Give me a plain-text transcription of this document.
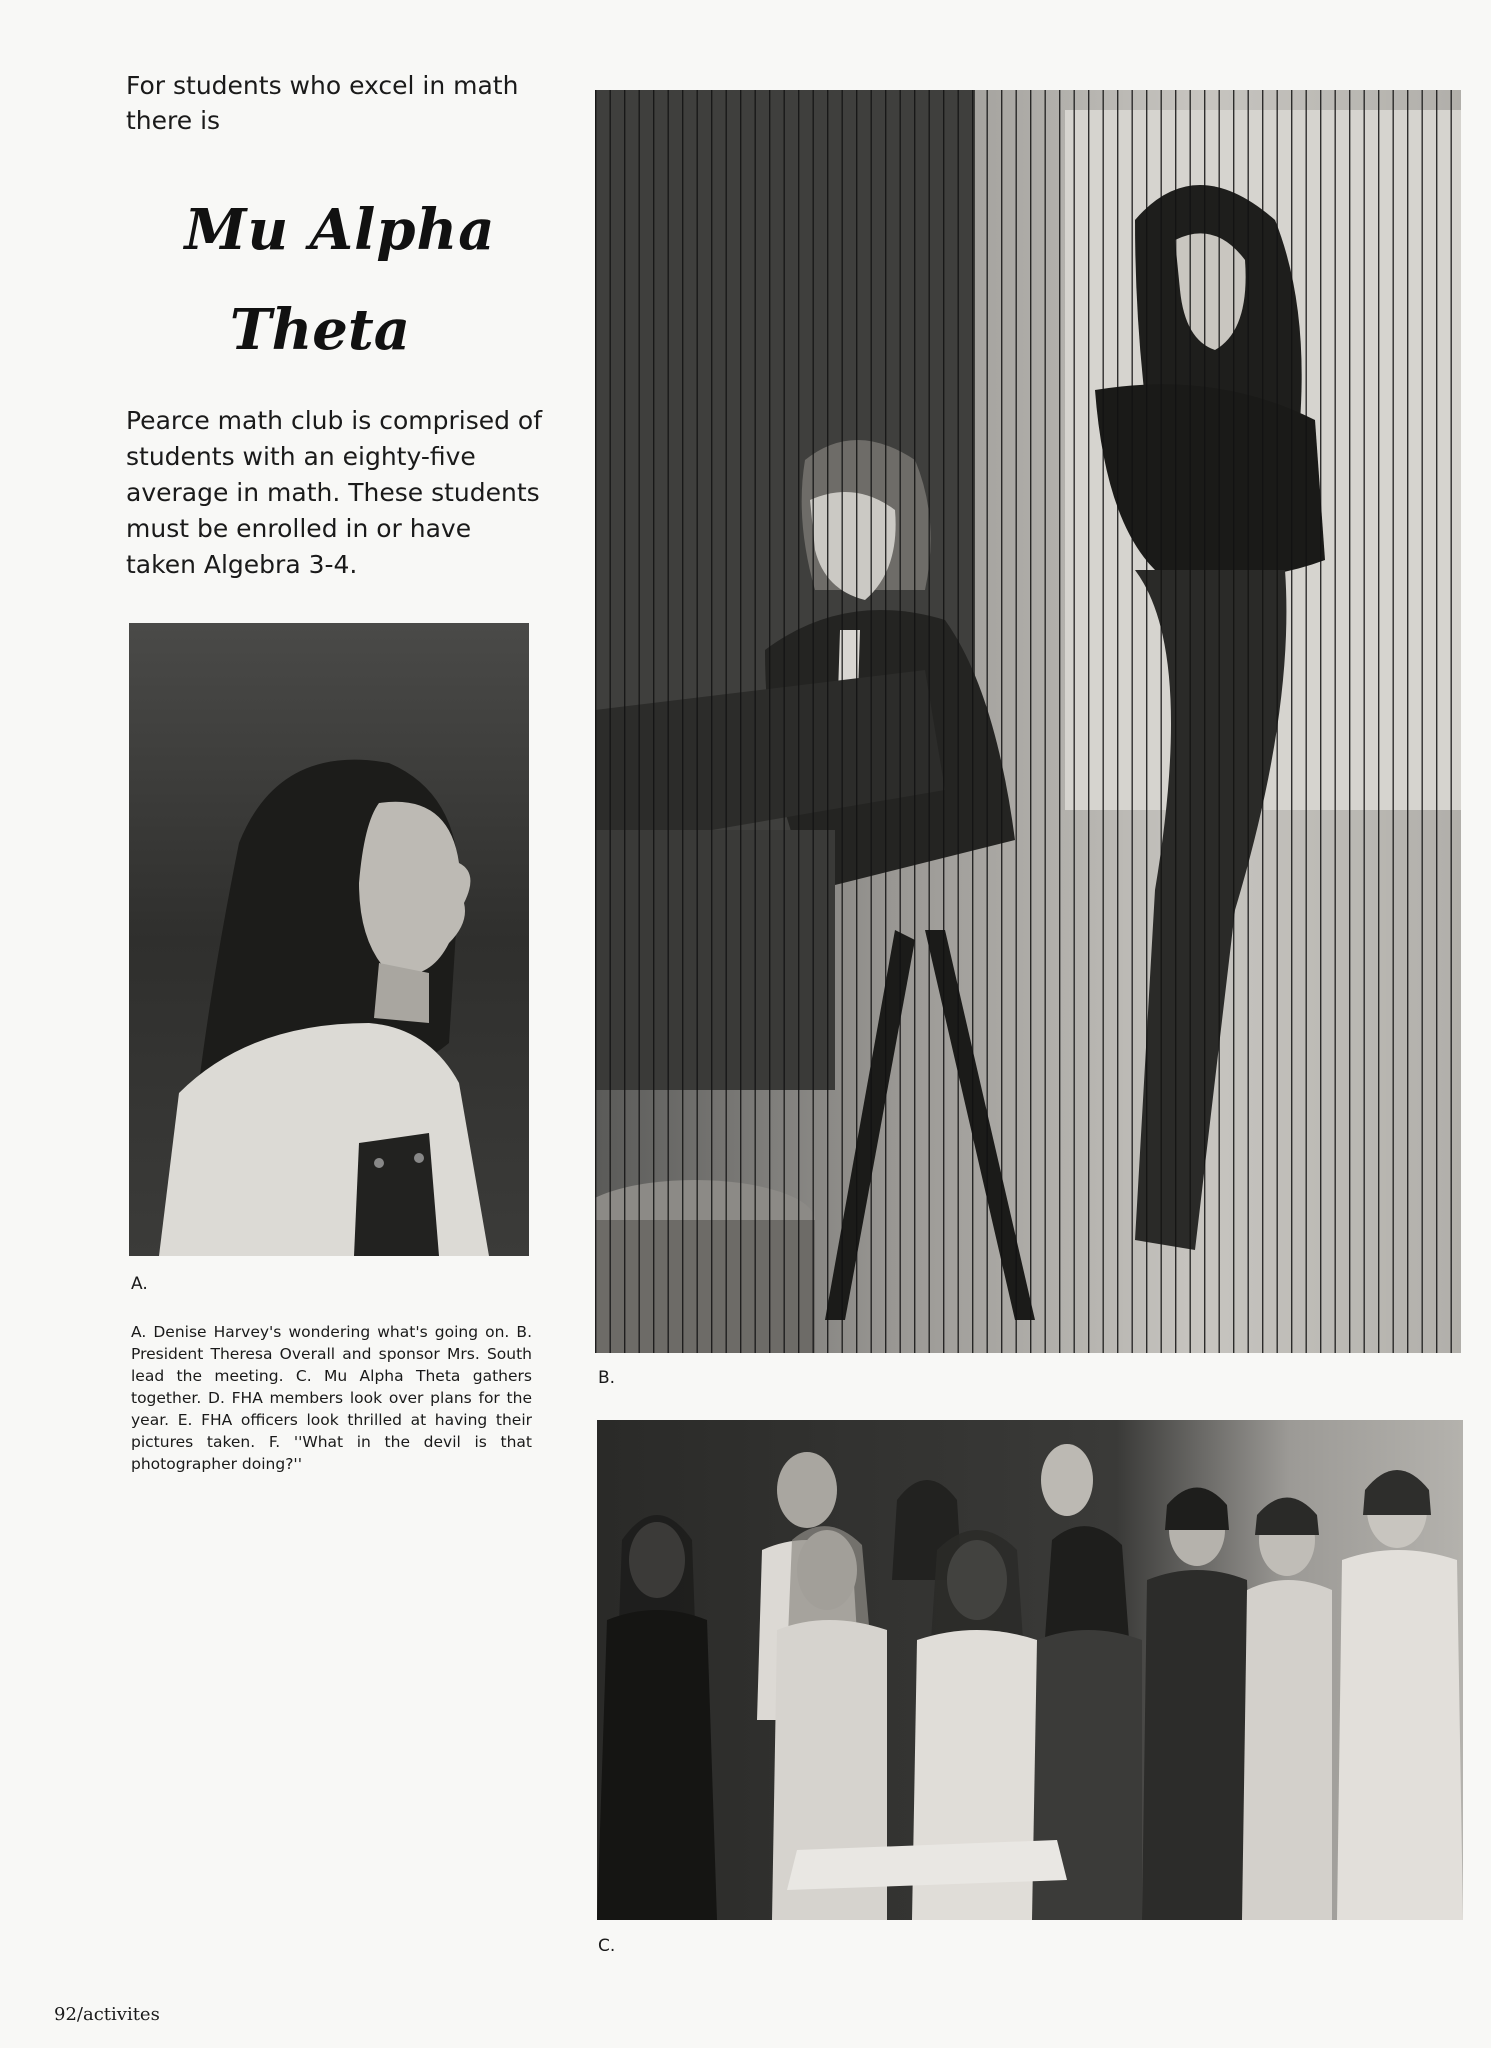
For students who excel in math there is

Mu Alpha
Theta

Pearce math club is comprised of students with an eighty-five average in math. These students must be enrolled in or have taken Algebra 3-4.

A.

B.

C.

A. Denise Harvey's wondering what's going on. B. President Theresa Overall and sponsor Mrs. South lead the meeting. C. Mu Alpha Theta gathers together. D. FHA members look over plans for the year. E. FHA officers look thrilled at having their pictures taken. F. ''What in the devil is that photographer doing?''

92/activites
